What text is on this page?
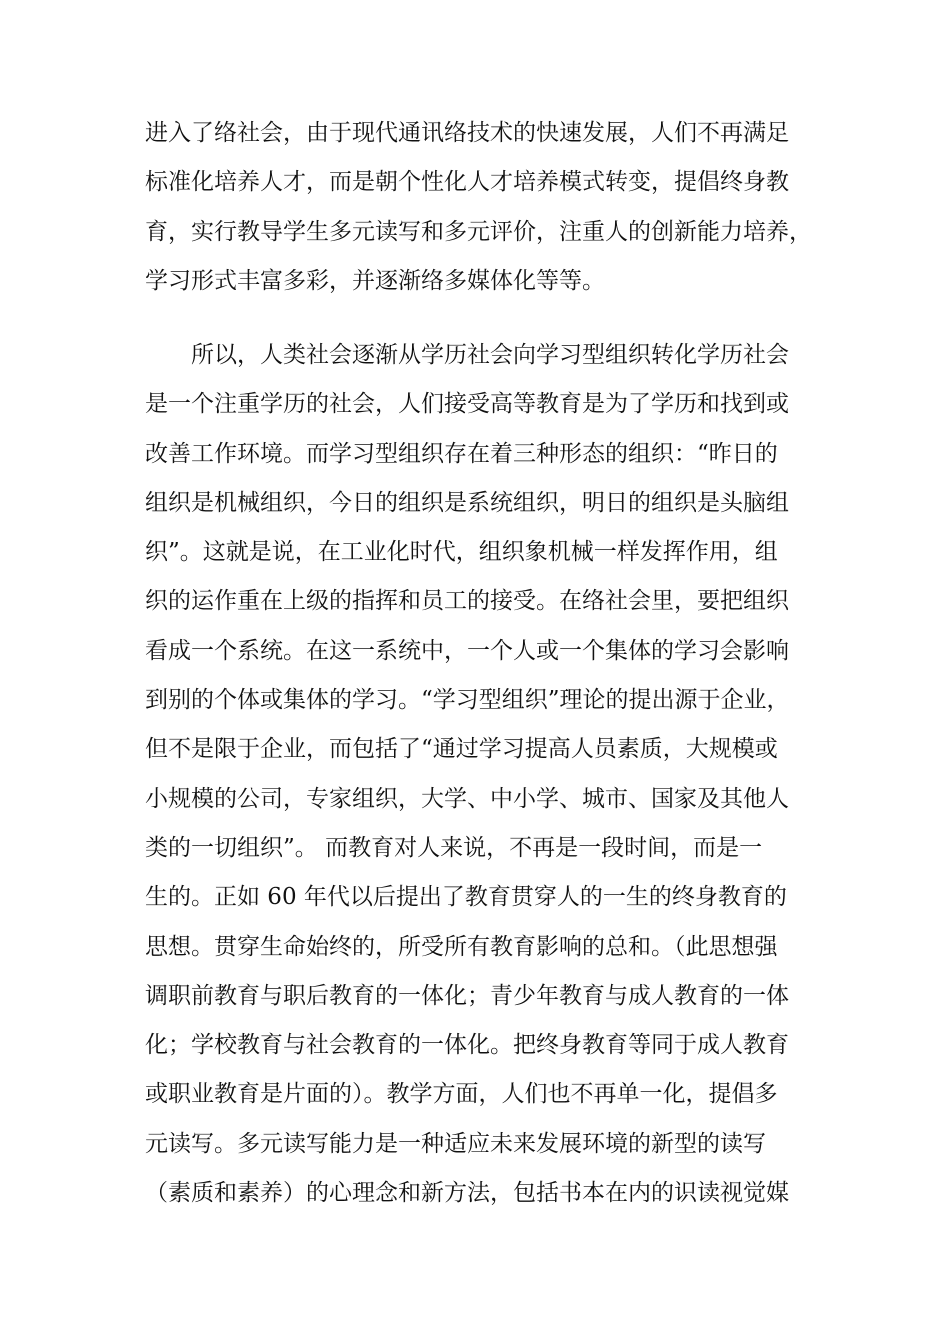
进入了络社会，由于现代通讯络技术的快速发展，人们不再满足
标准化培养人才，而是朝个性化人才培养模式转变，提倡终身教
育，实行教导学生多元读写和多元评价，注重人的创新能力培养，
学习形式丰富多彩，并逐渐络多媒体化等等。
所以，人类社会逐渐从学历社会向学习型组织转化学历社会
是一个注重学历的社会，人们接受高等教育是为了学历和找到或
改善工作环境。而学习型组织存在着三种形态的组织：“昨日的
组织是机械组织，今日的组织是系统组织，明日的组织是头脑组
织”。这就是说，在工业化时代，组织象机械一样发挥作用，组
织的运作重在上级的指挥和员工的接受。在络社会里，要把组织
看成一个系统。在这一系统中，一个人或一个集体的学习会影响
到别的个体或集体的学习。“学习型组织”理论的提出源于企业，
但不是限于企业，而包括了“通过学习提高人员素质，大规模或
小规模的公司，专家组织，大学、中小学、城市、国家及其他人
类的一切组织”。 而教育对人来说，不再是一段时间，而是一
生的。正如 60 年代以后提出了教育贯穿人的一生的终身教育的
思想。贯穿生命始终的，所受所有教育影响的总和。（此思想强
调职前教育与职后教育的一体化；青少年教育与成人教育的一体
化；学校教育与社会教育的一体化。把终身教育等同于成人教育
或职业教育是片面的）。教学方面，人们也不再单一化，提倡多
元读写。多元读写能力是一种适应未来发展环境的新型的读写
（素质和素养）的心理念和新方法，包括书本在内的识读视觉媒
